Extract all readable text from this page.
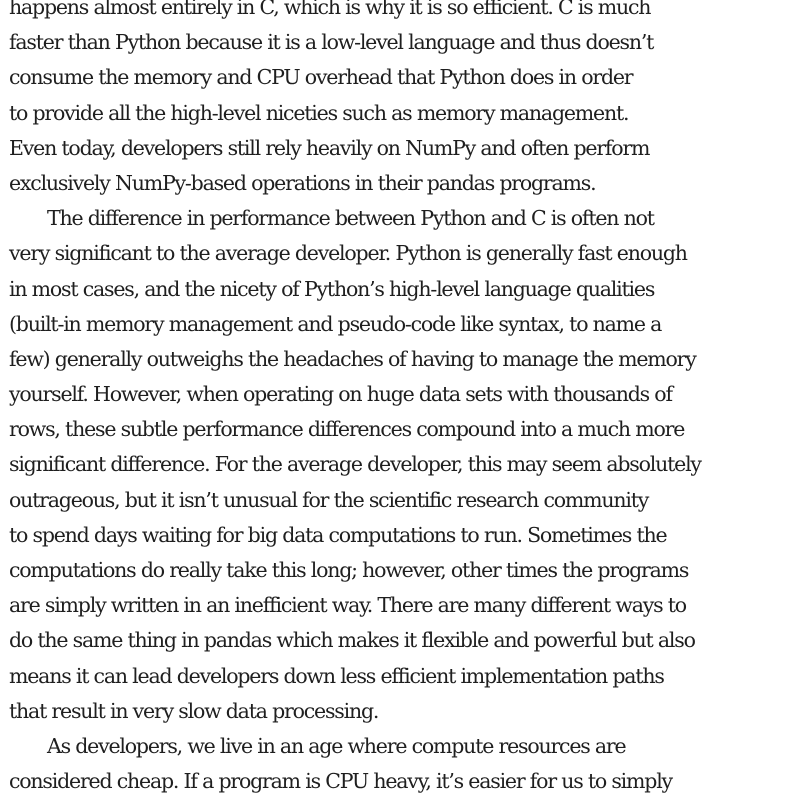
happens almost entirely in C, which is why it is so efficient. C is much
faster than Python because it is a low-level language and thus doesn’t
consume the memory and CPU overhead that Python does in order
to provide all the high-level niceties such as memory management.
Even today, developers still rely heavily on NumPy and often perform
exclusively NumPy-based operations in their pandas programs.
The difference in performance between Python and C is often not
very significant to the average developer. Python is generally fast enough
in most cases, and the nicety of Python’s high-level language qualities
(built-in memory management and pseudo-code like syntax, to name a
few) generally outweighs the headaches of having to manage the memory
yourself. However, when operating on huge data sets with thousands of
rows, these subtle performance differences compound into a much more
significant difference. For the average developer, this may seem absolutely
outrageous, but it isn’t unusual for the scientific research community
to spend days waiting for big data computations to run. Sometimes the
computations do really take this long; however, other times the programs
are simply written in an inefficient way. There are many different ways to
do the same thing in pandas which makes it flexible and powerful but also
means it can lead developers down less efficient implementation paths
that result in very slow data processing.
As developers, we live in an age where compute resources are
considered cheap. If a program is CPU heavy, it’s easier for us to simply
